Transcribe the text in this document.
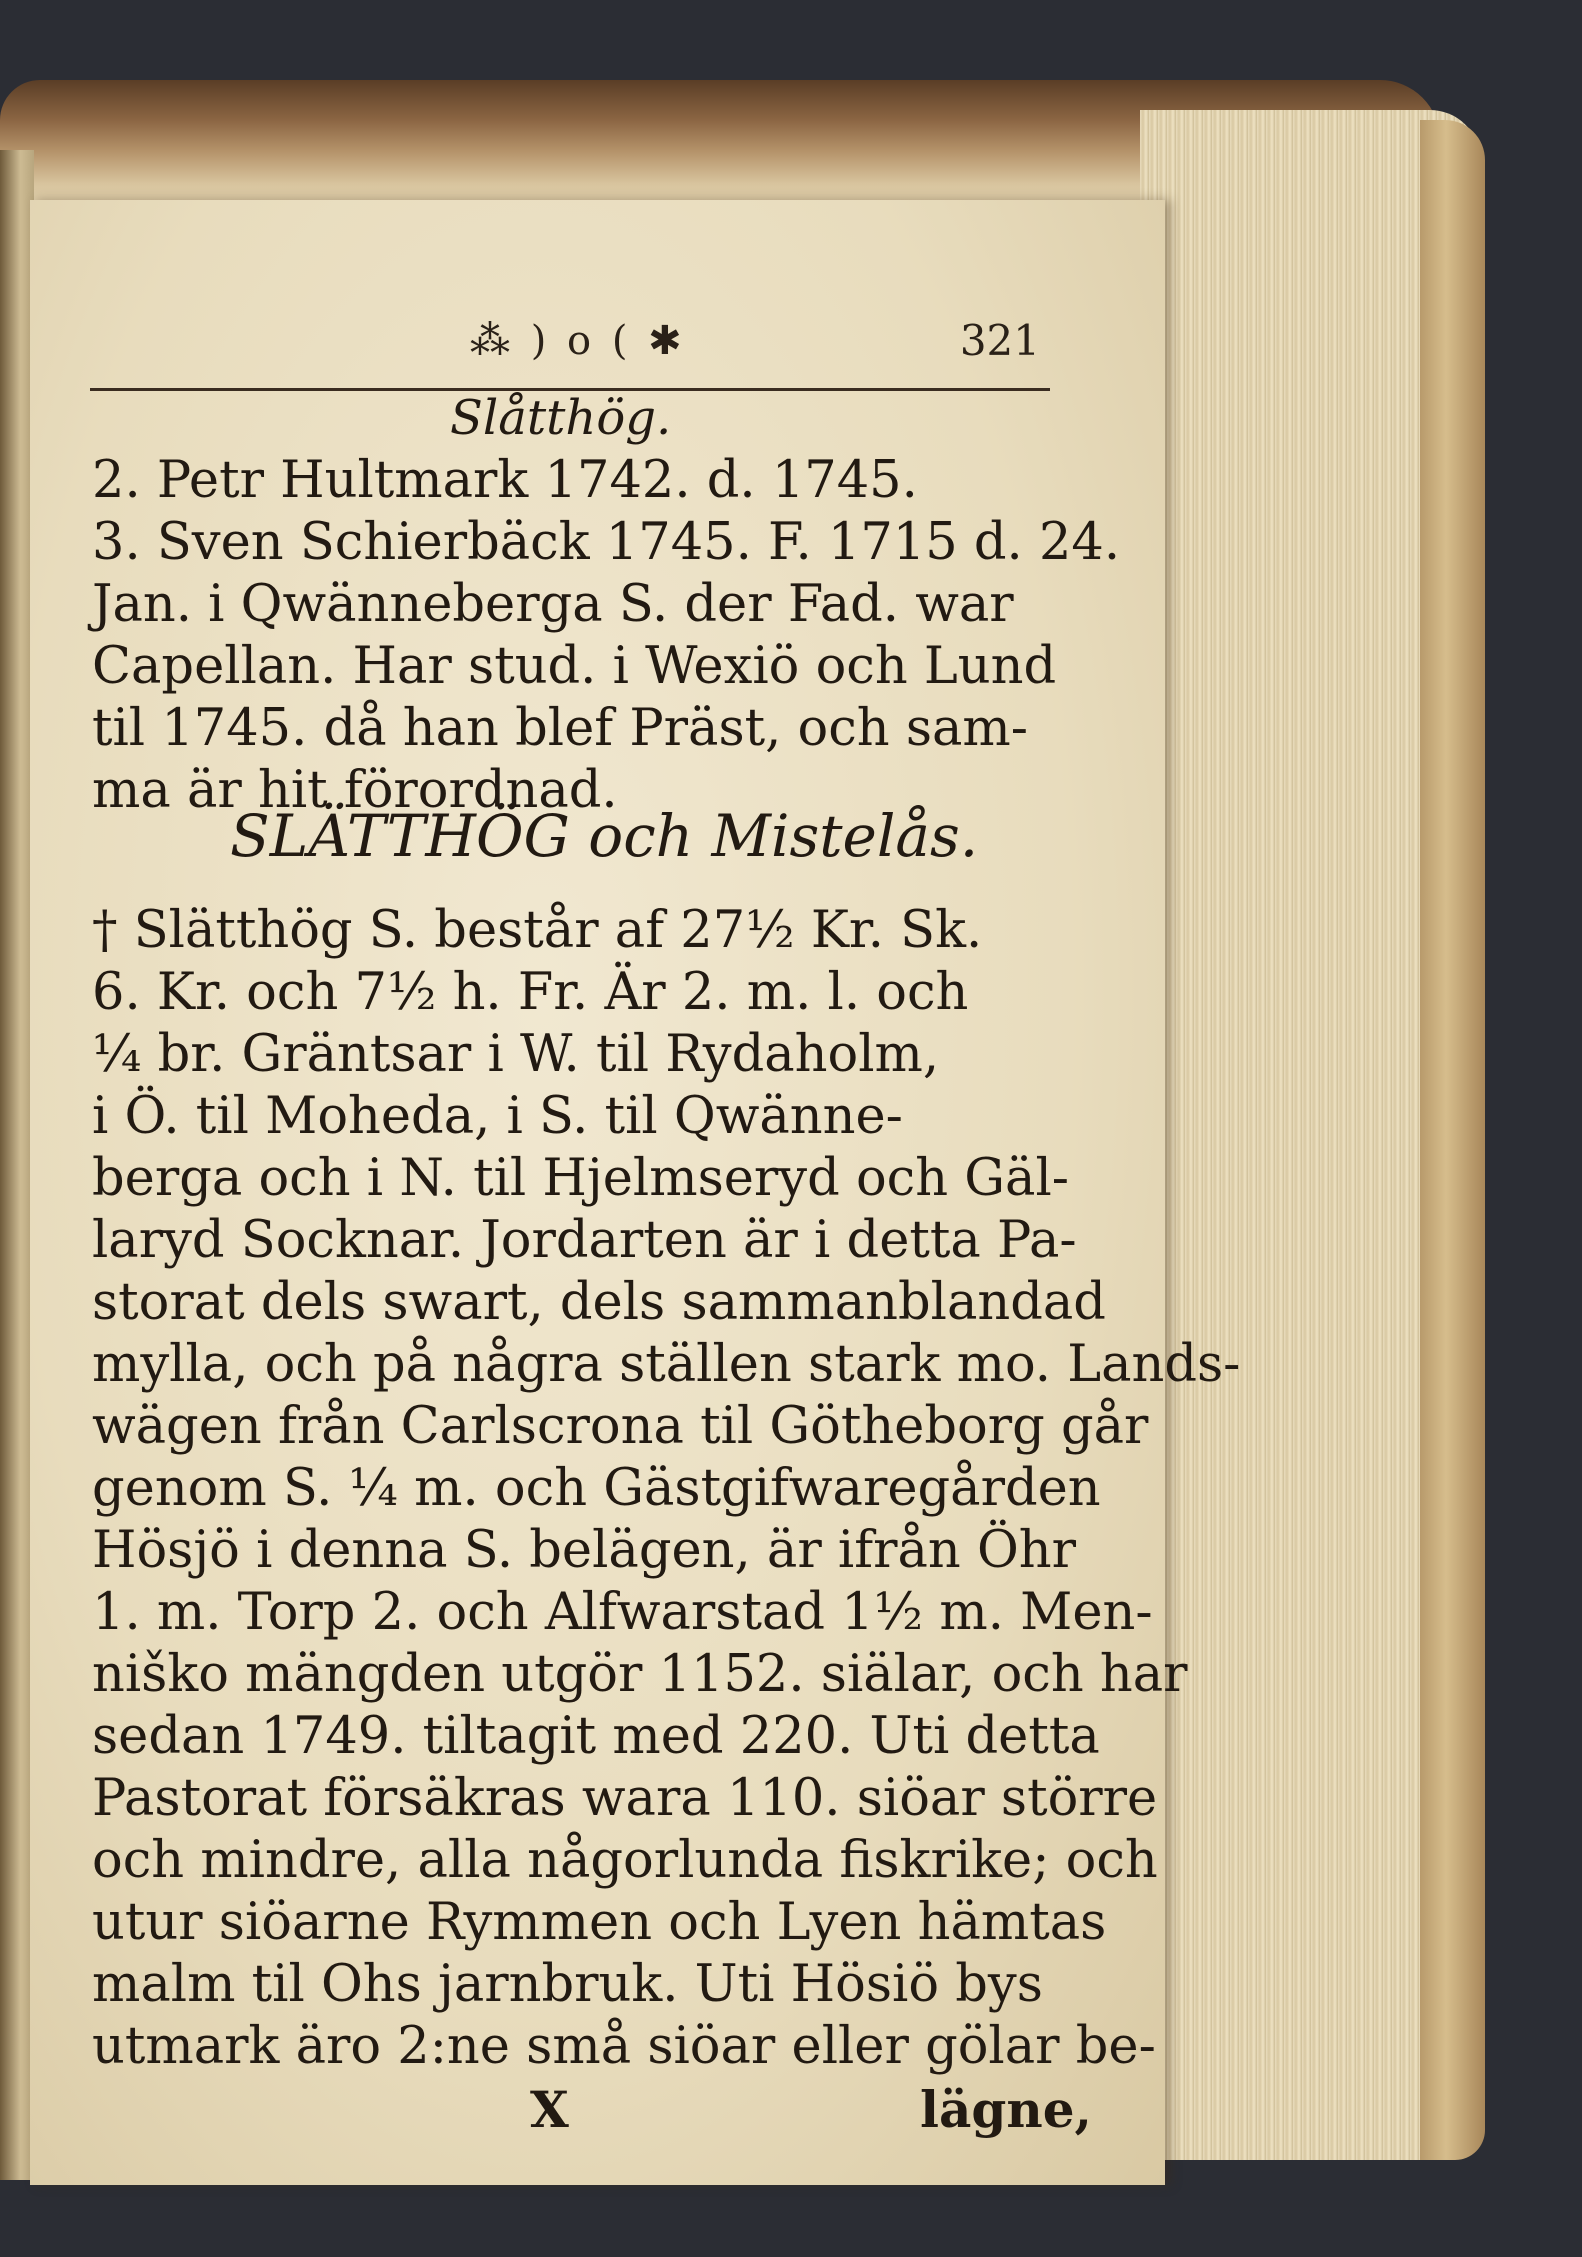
⁂ ) o ( ✱	321
Slåtthög.
2. Petr Hultmark 1742. d. 1745.
3. Sven Schierbäck 1745. F. 1715 d. 24.
Jan. i Qwänneberga S. der Fad. war
Capellan. Har stud. i Wexiö och Lund
til 1745. då han blef Präst, och sam-
ma är hit förordnad.
SLÄTTHÖG och Mistelås.
† Slätthög S. består af 27½ Kr. Sk.
6. Kr. och 7½ h. Fr. Är 2. m. l. och
¼ br. Gräntsar i W. til Rydaholm,
i Ö. til Moheda, i S. til Qwänne-
berga och i N. til Hjelmseryd och Gäl-
laryd Socknar. Jordarten är i detta Pa-
storat dels swart, dels sammanblandad
mylla, och på några ställen stark mo. Lands-
wägen från Carlscrona til Götheborg går
genom S. ¼ m. och Gästgifwaregården
Hösjö i denna S. belägen, är ifrån Öhr
1. m. Torp 2. och Alfwarstad 1½ m. Men-
niško mängden utgör 1152. siälar, och har
sedan 1749. tiltagit med 220. Uti detta
Pastorat försäkras wara 110. siöar större
och mindre, alla någorlunda fiskrike; och
utur siöarne Rymmen och Lyen hämtas
malm til Ohs jarnbruk. Uti Hösiö bys
utmark äro 2:ne små siöar eller gölar be-
X	lägne,
